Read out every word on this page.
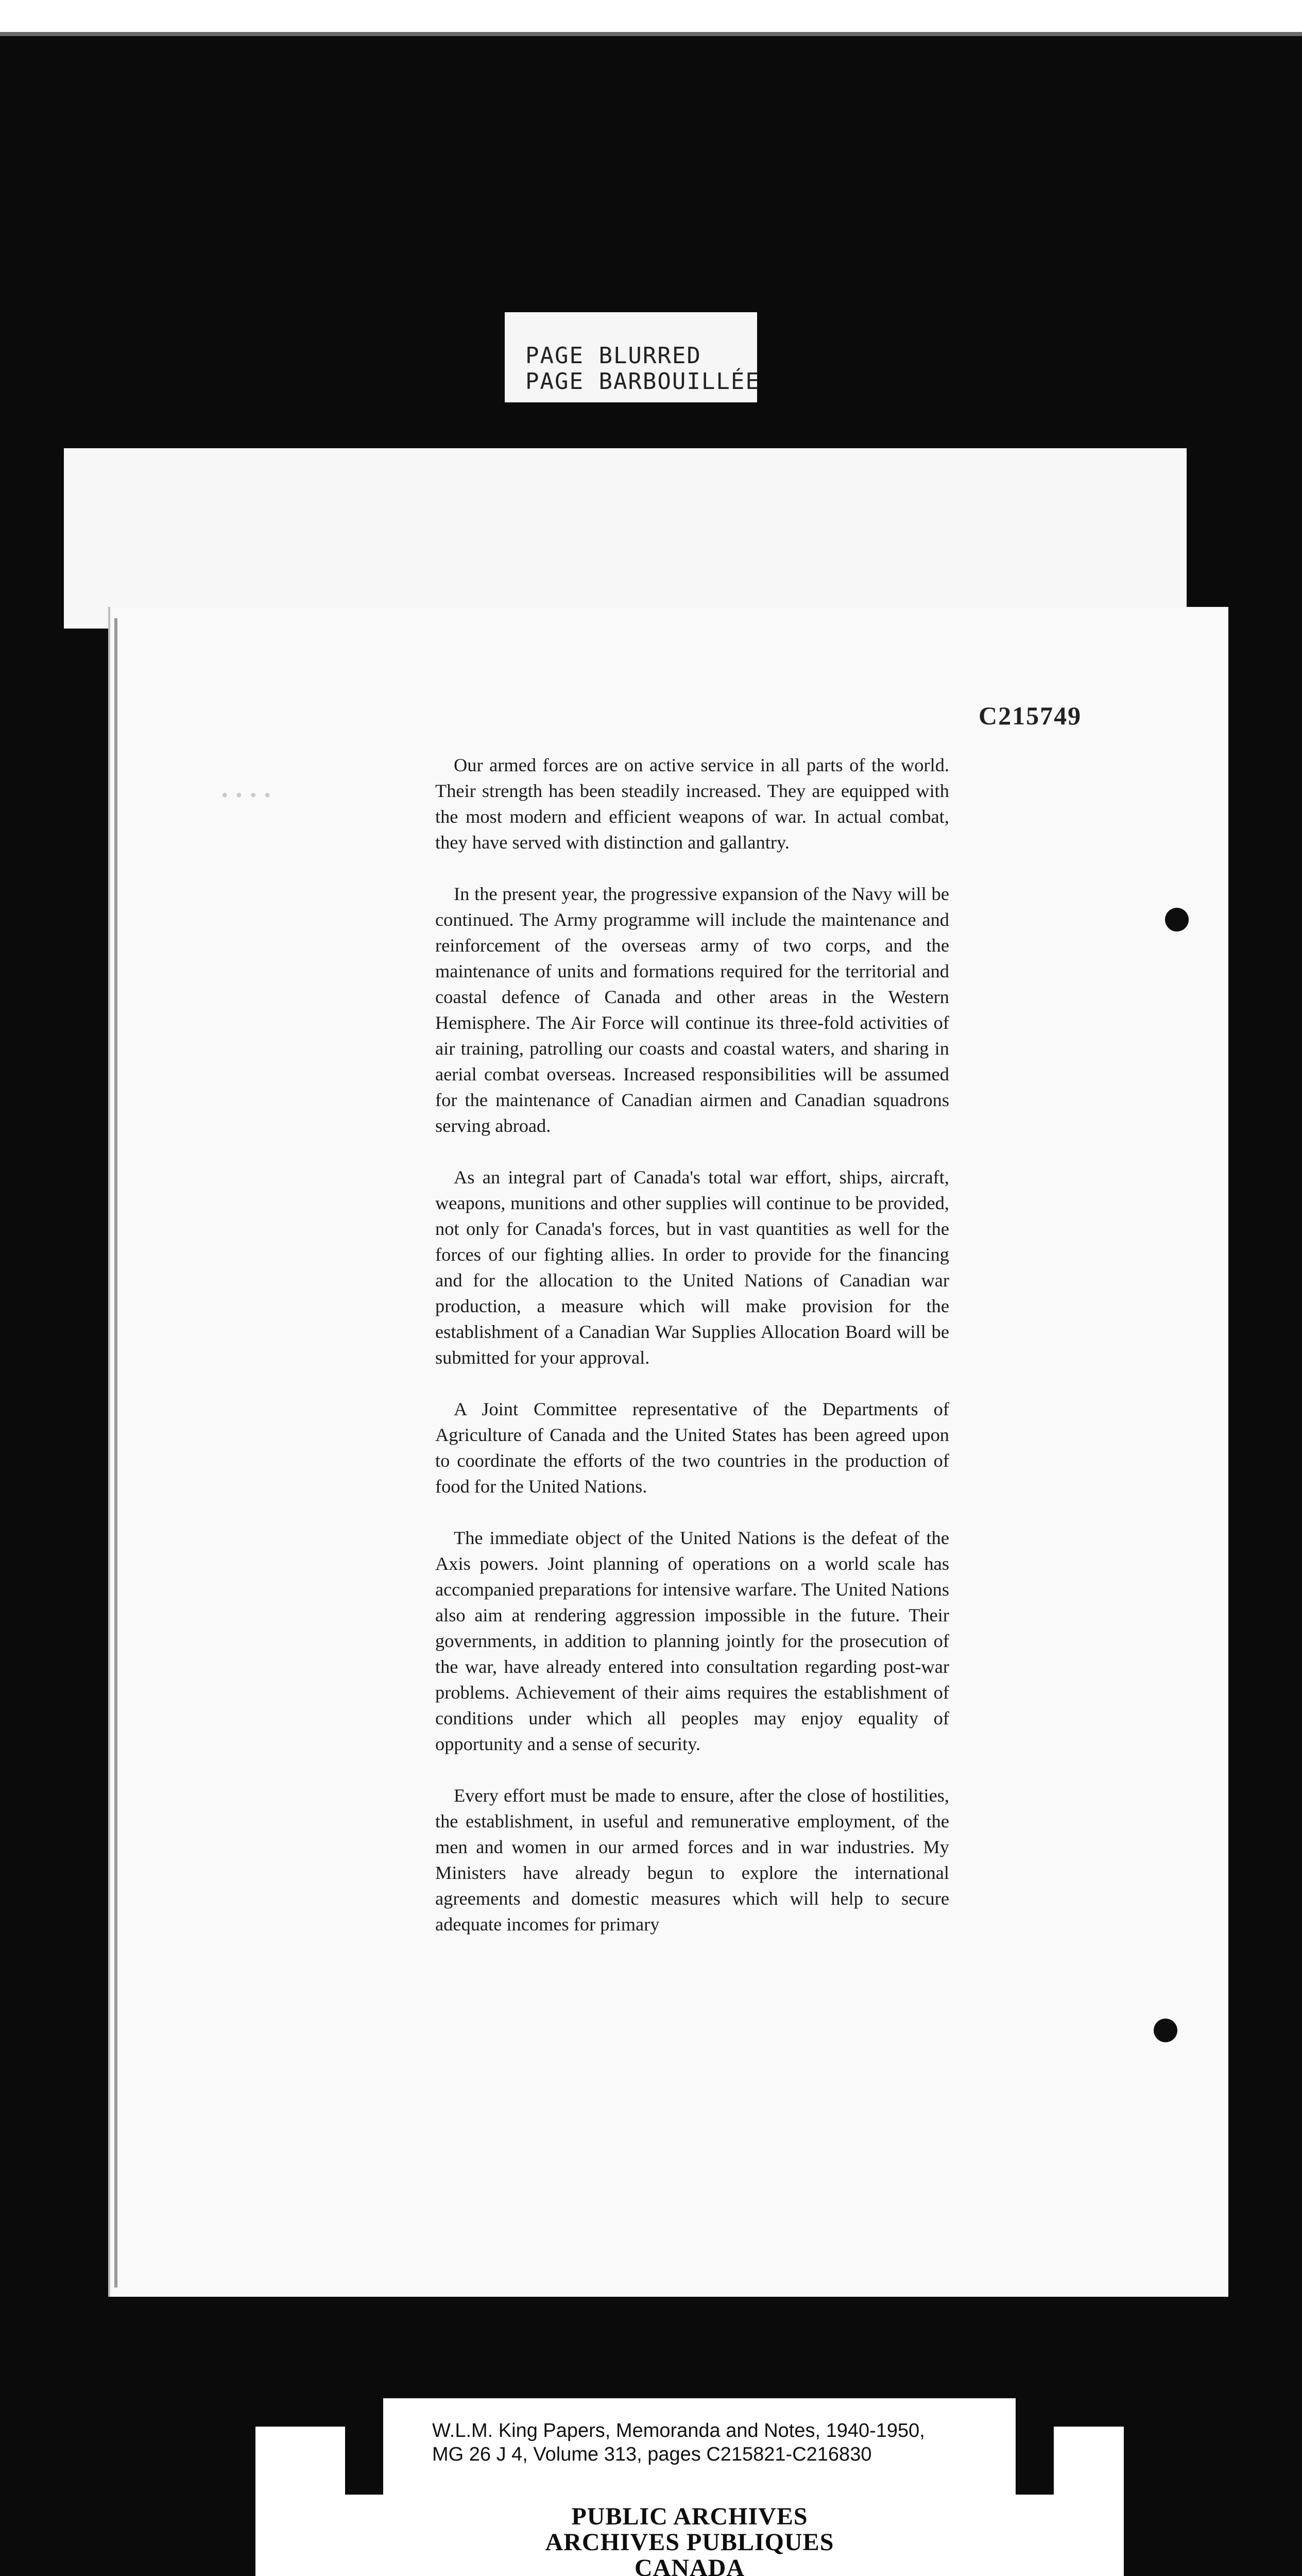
PAGE BLURRED
PAGE BARBOUILLÉE
C215749
• • • •

Our armed forces are on active service in all parts of the world. Their strength has been steadily increased. They are equipped with the most modern and efficient weapons of war. In actual combat, they have served with distinction and gallantry.

In the present year, the progressive expansion of the Navy will be continued. The Army programme will include the maintenance and reinforcement of the overseas army of two corps, and the maintenance of units and formations required for the territorial and coastal defence of Canada and other areas in the Western Hemisphere. The Air Force will continue its three-fold activities of air training, patrolling our coasts and coastal waters, and sharing in aerial combat overseas. Increased responsibilities will be assumed for the maintenance of Canadian airmen and Canadian squadrons serving abroad.

As an integral part of Canada's total war effort, ships, aircraft, weapons, munitions and other supplies will continue to be provided, not only for Canada's forces, but in vast quantities as well for the forces of our fighting allies. In order to provide for the financing and for the allocation to the United Nations of Canadian war production, a measure which will make provision for the establishment of a Canadian War Supplies Allocation Board will be submitted for your approval.

A Joint Committee representative of the Departments of Agriculture of Canada and the United States has been agreed upon to coordinate the efforts of the two countries in the production of food for the United Nations.

The immediate object of the United Nations is the defeat of the Axis powers. Joint planning of operations on a world scale has accompanied preparations for intensive warfare. The United Nations also aim at rendering aggression impossible in the future. Their governments, in addition to planning jointly for the prosecution of the war, have already entered into consultation regarding post-war problems. Achievement of their aims requires the establishment of conditions under which all peoples may enjoy equality of opportunity and a sense of security.

Every effort must be made to ensure, after the close of hostilities, the establishment, in useful and remunerative employment, of the men and women in our armed forces and in war industries. My Ministers have already begun to explore the international agreements and domestic measures which will help to secure adequate incomes for primary

W.L.M. King Papers, Memoranda and Notes, 1940-1950,
MG 26 J 4, Volume 313, pages C215821-C216830
PUBLIC ARCHIVES
ARCHIVES PUBLIQUES
CANADA
